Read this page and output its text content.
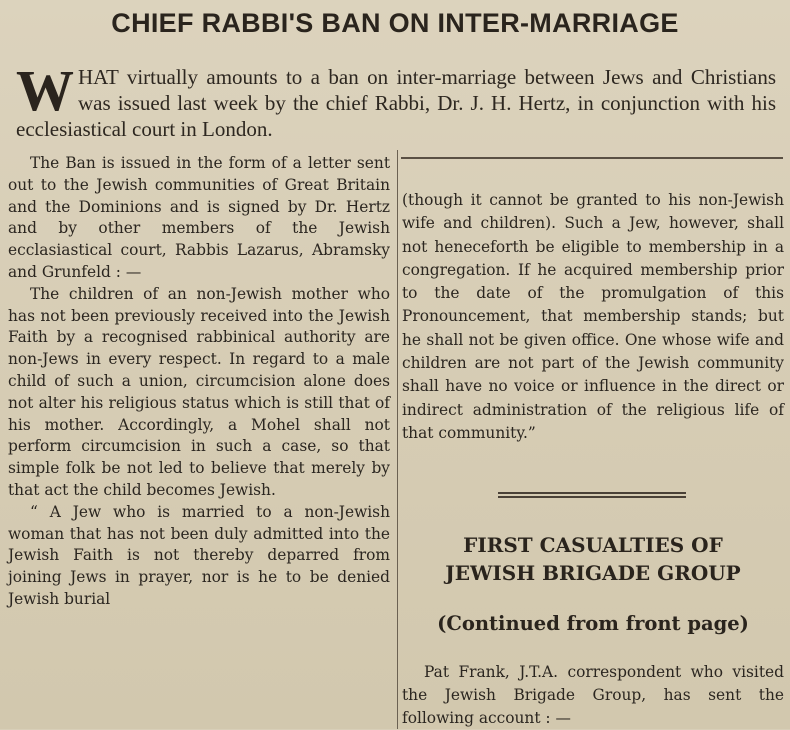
CHIEF RABBI'S BAN ON INTER-MARRIAGE
W HAT virtually amounts to a ban on inter-marriage between Jews and Christians was issued last week by the chief Rabbi, Dr. J. H. Hertz, in conjunction with his ecclesiastical court in London.

The Ban is issued in the form of a letter sent out to the Jewish communities of Great Britain and the Dominions and is signed by Dr. Hertz and by other members of the Jewish ecclasiastical court, Rabbis Lazarus, Abramsky and Grunfeld : —

The children of an non-Jewish mother who has not been previously received into the Jewish Faith by a recognised rabbinical authority are non-Jews in every respect. In regard to a male child of such a union, circumcision alone does not alter his religious status which is still that of his mother. Accordingly, a Mohel shall not perform circumcision in such a case, so that simple folk be not led to believe that merely by that act the child becomes Jewish.

“ A Jew who is married to a non-Jewish woman that has not been duly admitted into the Jewish Faith is not thereby deparred from joining Jews in prayer, nor is he to be denied Jewish burial

(though it cannot be granted to his non-Jewish wife and children). Such a Jew, however, shall not heneceforth be eligible to membership in a congregation. If he acquired membership prior to the date of the promulgation of this Pronouncement, that membership stands; but he shall not be given office. One whose wife and children are not part of the Jewish community shall have no voice or influence in the direct or indirect administration of the religious life of that community.”

FIRST CASUALTIES OF
JEWISH BRIGADE GROUP
(Continued from front page)

Pat Frank, J.T.A. correspondent who visited the Jewish Brigade Group, has sent the following account : —
